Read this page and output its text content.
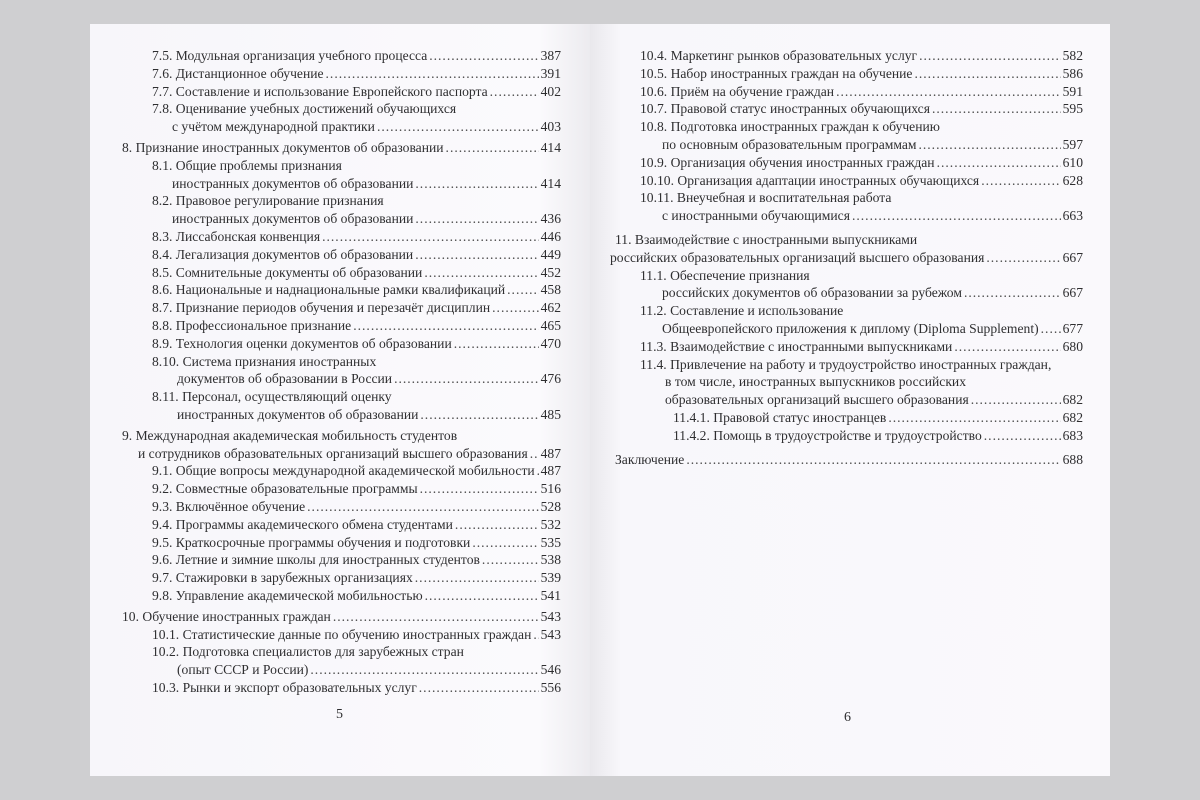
7.5. Модульная организация учебного процесса .....	387
7.6. Дистанционное обучение .....	391
7.7. Составление и использование Европейского паспорта .....	402
7.8. Оценивание учебных достижений обучающихся
с учётом международной практики .....	403
8. Признание иностранных документов об образовании .....	414
8.1. Общие проблемы признания
иностранных документов об образовании .....	414
8.2. Правовое регулирование признания
иностранных документов об образовании .....	436
8.3. Лиссабонская конвенция .....	446
8.4. Легализация документов об образовании .....	449
8.5. Сомнительные документы об образовании .....	452
8.6. Национальные и наднациональные рамки квалификаций .....	458
8.7. Признание периодов обучения и перезачёт дисциплин .....	462
8.8. Профессиональное признание .....	465
8.9. Технология оценки документов об образовании .....	470
8.10. Система признания иностранных
документов об образовании в России .....	476
8.11. Персонал, осуществляющий оценку
иностранных документов об образовании .....	485
9. Международная академическая мобильность студентов
и сотрудников образовательных организаций высшего образования ..... 487
9.1. Общие вопросы международной академической мобильности ..... 487
9.2. Совместные образовательные программы .....	516
9.3. Включённое обучение .....	528
9.4. Программы академического обмена студентами .....	532
9.5. Краткосрочные программы обучения и подготовки .....	535
9.6. Летние и зимние школы для иностранных студентов .....	538
9.7. Стажировки в зарубежных организациях .....	539
9.8. Управление академической мобильностью .....	541
10. Обучение иностранных граждан .....	543
10.1. Статистические данные по обучению иностранных граждан ..... 543
10.2. Подготовка специалистов для зарубежных стран
(опыт СССР и России) .....	546
10.3. Рынки и экспорт образовательных услуг .....	556
5
10.4. Маркетинг рынков образовательных услуг .....	582
10.5. Набор иностранных граждан на обучение .....	586
10.6. Приём на обучение граждан .....	591
10.7. Правовой статус иностранных обучающихся .....	595
10.8. Подготовка иностранных граждан к обучению
по основным образовательным программам .....	597
10.9. Организация обучения иностранных граждан .....	610
10.10. Организация адаптации иностранных обучающихся .....	628
10.11. Внеучебная и воспитательная работа
с иностранными обучающимися .....	663
11. Взаимодействие с иностранными выпускниками
российских образовательных организаций высшего образования .....	667
11.1. Обеспечение признания
российских документов об образовании за рубежом .....	667
11.2. Составление и использование
Общеевропейского приложения к диплому (Diploma Supplement) ..... 677
11.3. Взаимодействие с иностранными выпускниками .....	680
11.4. Привлечение на работу и трудоустройство иностранных граждан,
в том числе, иностранных выпускников российских
образовательных организаций высшего образования .....	682
11.4.1. Правовой статус иностранцев .....	682
11.4.2. Помощь в трудоустройстве и трудоустройство .....	683
Заключение .....	688
6
